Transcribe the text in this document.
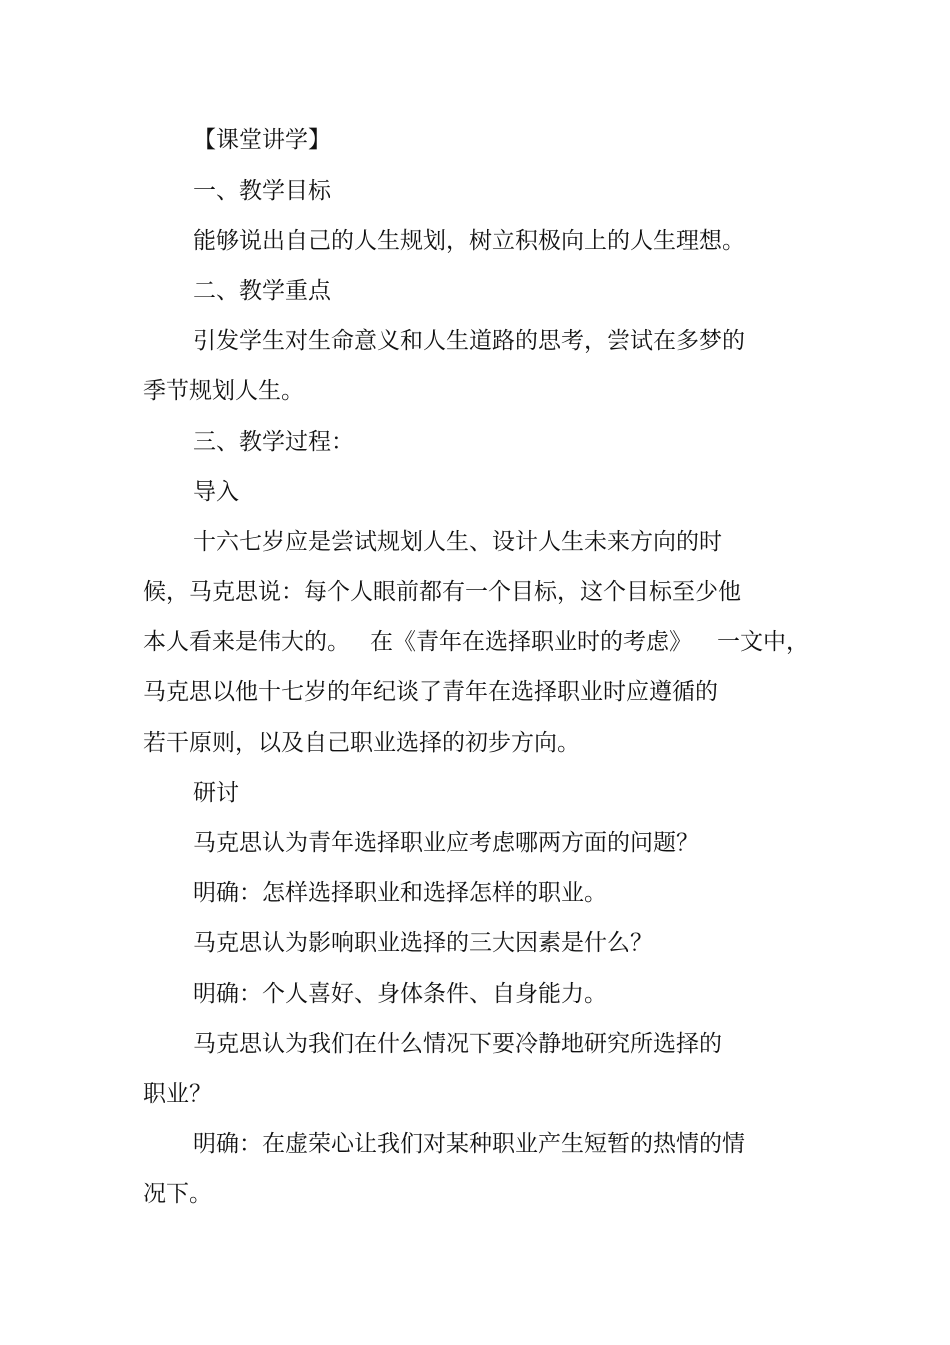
【课堂讲学】
一、教学目标
能够说出自己的人生规划，树立积极向上的人生理想。
二、教学重点
引发学生对生命意义和人生道路的思考，尝试在多梦的
季节规划人生。
三、教学过程：
导入
十六七岁应是尝试规划人生、设计人生未来方向的时
候，马克思说：每个人眼前都有一个目标，这个目标至少他
本人看来是伟大的。 在《青年在选择职业时的考虑》 一文中，
马克思以他十七岁的年纪谈了青年在选择职业时应遵循的
若干原则，以及自己职业选择的初步方向。
研讨
马克思认为青年选择职业应考虑哪两方面的问题？
明确：怎样选择职业和选择怎样的职业。
马克思认为影响职业选择的三大因素是什么？
明确：个人喜好、身体条件、自身能力。
马克思认为我们在什么情况下要冷静地研究所选择的
职业？
明确：在虚荣心让我们对某种职业产生短暂的热情的情
况下。
